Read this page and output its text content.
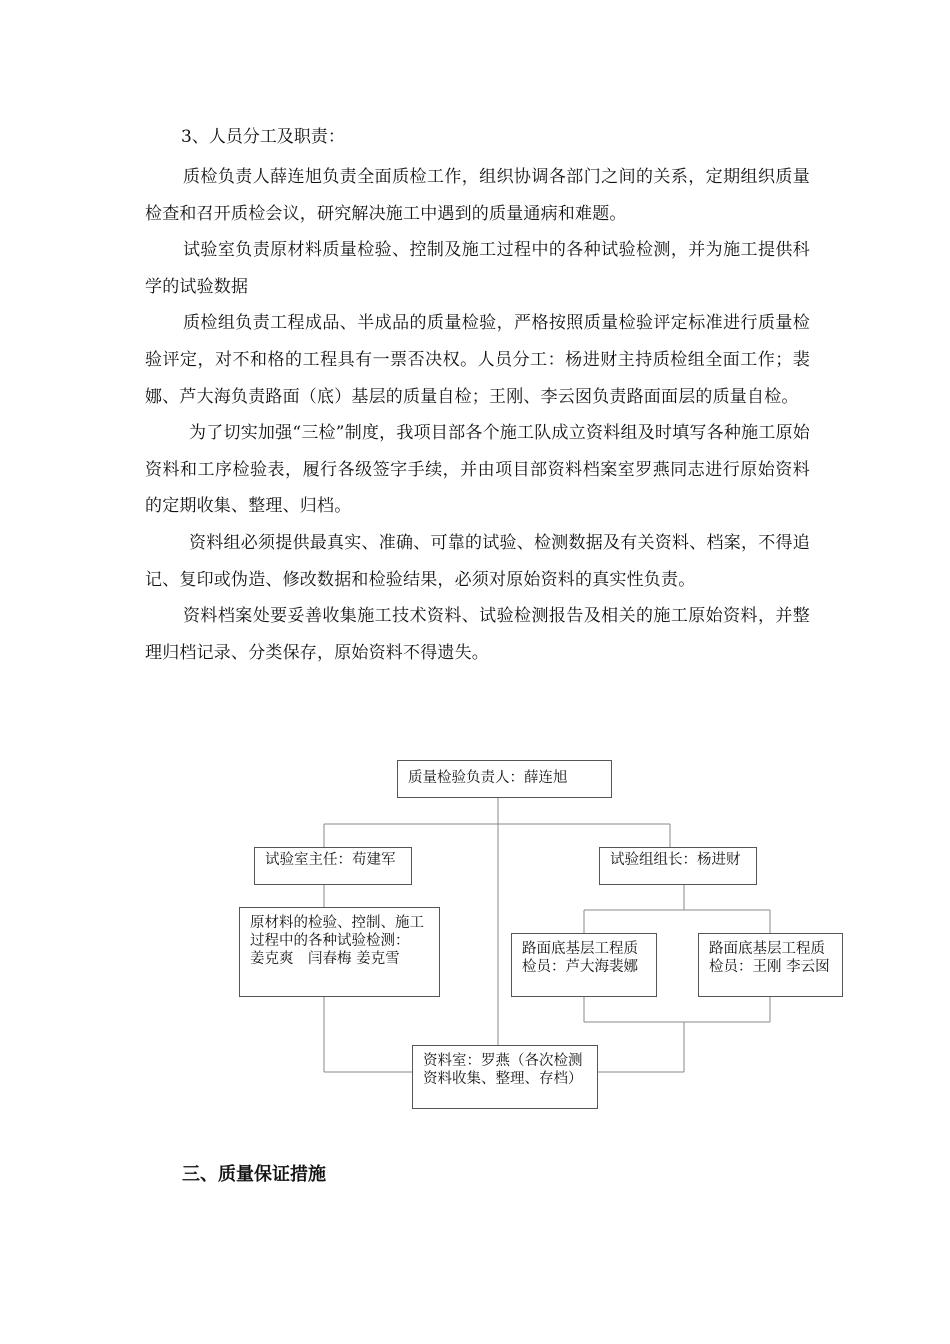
3、人员分工及职责：

质检负责人薛连旭负责全面质检工作，组织协调各部门之间的关系，定期组织质量检查和召开质检会议，研究解决施工中遇到的质量通病和难题。

试验室负责原材料质量检验、控制及施工过程中的各种试验检测，并为施工提供科学的试验数据

质检组负责工程成品、半成品的质量检验，严格按照质量检验评定标准进行质量检验评定，对不和格的工程具有一票否决权。人员分工：杨进财主持质检组全面工作；裴娜、芦大海负责路面（底）基层的质量自检；王刚、李云囡负责路面面层的质量自检。

为了切实加强“三检”制度，我项目部各个施工队成立资料组及时填写各种施工原始资料和工序检验表，履行各级签字手续，并由项目部资料档案室罗燕同志进行原始资料的定期收集、整理、归档。

资料组必须提供最真实、准确、可靠的试验、检测数据及有关资料、档案，不得追记、复印或伪造、修改数据和检验结果，必须对原始资料的真实性负责。

资料档案处要妥善收集施工技术资料、试验检测报告及相关的施工原始资料，并整理归档记录、分类保存，原始资料不得遗失。

质量检验负责人：薛连旭
试验室主任：苟建军
原材料的检验、控制、施工过程中的各种试验检测：　姜克爽　闫春梅 姜克雪
试验组组长：杨进财
路面底基层工程质检员：芦大海裴娜
路面底基层工程质检员：王刚 李云囡
资料室：罗燕（各次检测资料收集、整理、存档）
三、质量保证措施
